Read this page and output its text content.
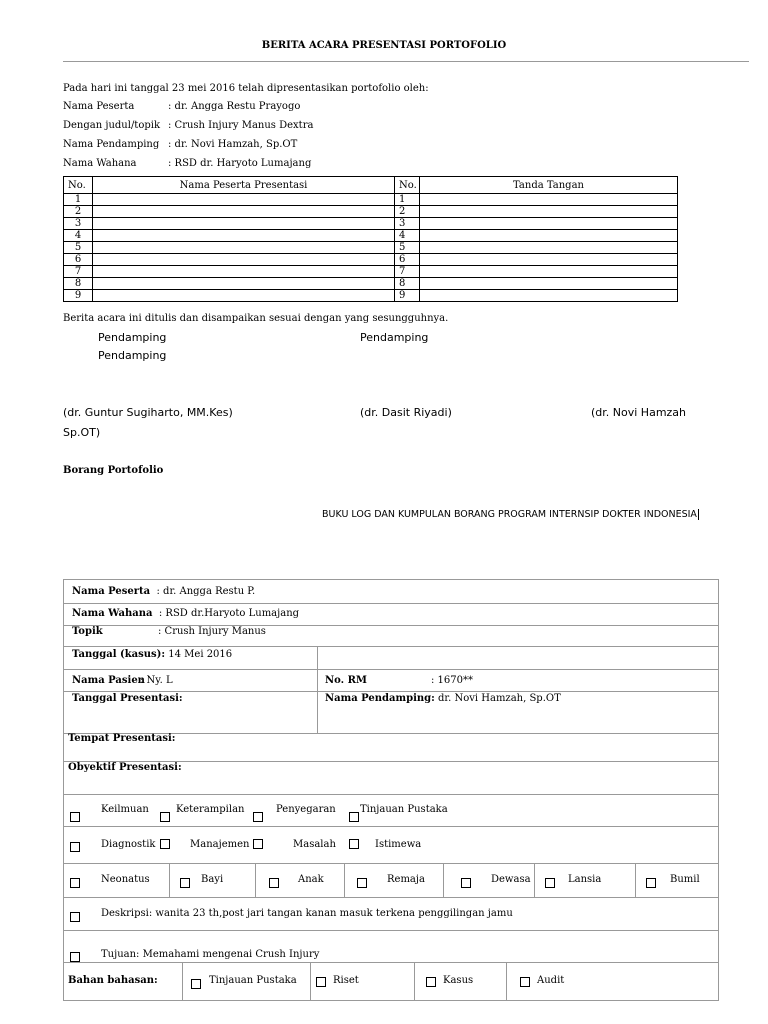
BERITA ACARA PRESENTASI PORTOFOLIO
Pada hari ini tanggal 23 mei 2016 telah dipresentasikan portofolio oleh:
Nama Peserta	: dr. Angga Restu Prayogo
Dengan judul/topik : Crush Injury Manus Dextra
Nama Pendamping : dr. Novi Hamzah, Sp.OT
Nama Wahana	: RSD dr. Haryoto Lumajang
No.	Nama Peserta Presentasi	No.	Tanda Tangan
1		1	
2		2	
3		3	
4		4	
5		5	
6		6	
7		7	
8		8	
9		9	
Berita acara ini ditulis dan disampaikan sesuai dengan yang sesungguhnya.
Pendamping	Pendamping
Pendamping
(dr. Guntur Sugiharto, MM.Kes)	(dr. Dasit Riyadi)	(dr. Novi Hamzah
Sp.OT)
Borang Portofolio
BUKU LOG DAN KUMPULAN BORANG PROGRAM INTERNSIP DOKTER INDONESIA
Nama Peserta : dr. Angga Restu P.
Nama Wahana : RSD dr.Haryoto Lumajang
Topik	: Crush Injury Manus
Tanggal (kasus): 14 Mei 2016
Nama Pasien: Ny. L	No. RM	: 1670**
Tanggal Presentasi:	Nama Pendamping: dr. Novi Hamzah, Sp.OT
Tempat Presentasi:
Obyektif Presentasi:
Keilmuan	Keterampilan	Penyegaran Tinjauan Pustaka
Diagnostik	Manajemen	Masalah	Istimewa
Neonatus	Bayi	Anak	Remaja	Dewasa	Lansia	Bumil
Deskripsi: wanita 23 th,post jari tangan kanan masuk terkena penggilingan jamu
Tujuan: Memahami mengenai Crush Injury
Bahan bahasan:	Tinjauan Pustaka	Riset	Kasus	Audit
